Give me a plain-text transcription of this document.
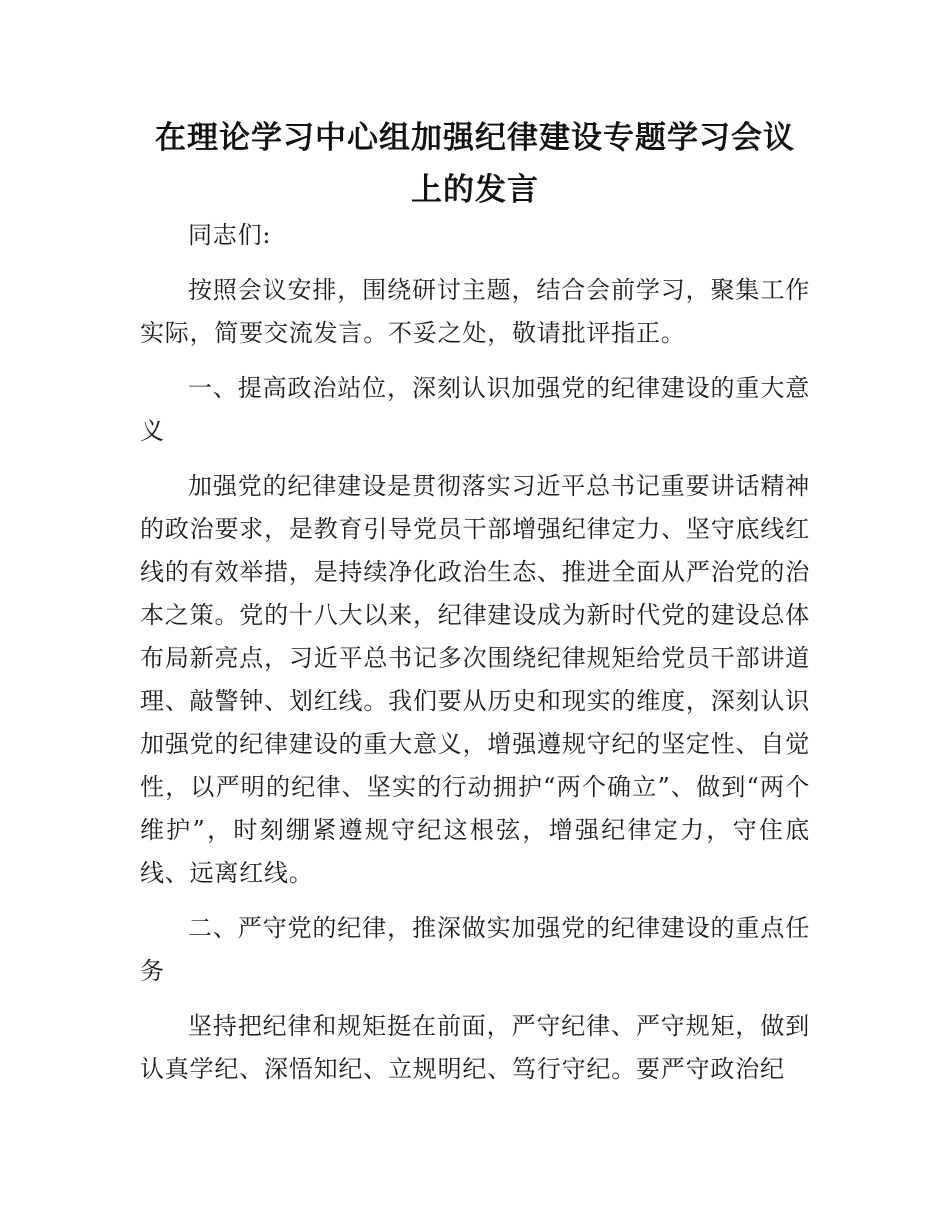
在理论学习中心组加强纪律建设专题学习会议上的发言

同志们:

按照会议安排，围绕研讨主题，结合会前学习，聚集工作实际，简要交流发言。不妥之处，敬请批评指正。

一、提高政治站位，深刻认识加强党的纪律建设的重大意义

加强党的纪律建设是贯彻落实习近平总书记重要讲话精神的政治要求，是教育引导党员干部增强纪律定力、坚守底线红线的有效举措，是持续净化政治生态、推进全面从严治党的治本之策。党的十八大以来，纪律建设成为新时代党的建设总体布局新亮点，习近平总书记多次围绕纪律规矩给党员干部讲道理、敲警钟、划红线。我们要从历史和现实的维度，深刻认识加强党的纪律建设的重大意义，增强遵规守纪的坚定性、自觉性，以严明的纪律、坚实的行动拥护“两个确立”、做到“两个维护”，时刻绷紧遵规守纪这根弦，增强纪律定力，守住底线、远离红线。

二、严守党的纪律，推深做实加强党的纪律建设的重点任务

坚持把纪律和规矩挺在前面，严守纪律、严守规矩，做到认真学纪、深悟知纪、立规明纪、笃行守纪。要严守政治纪
